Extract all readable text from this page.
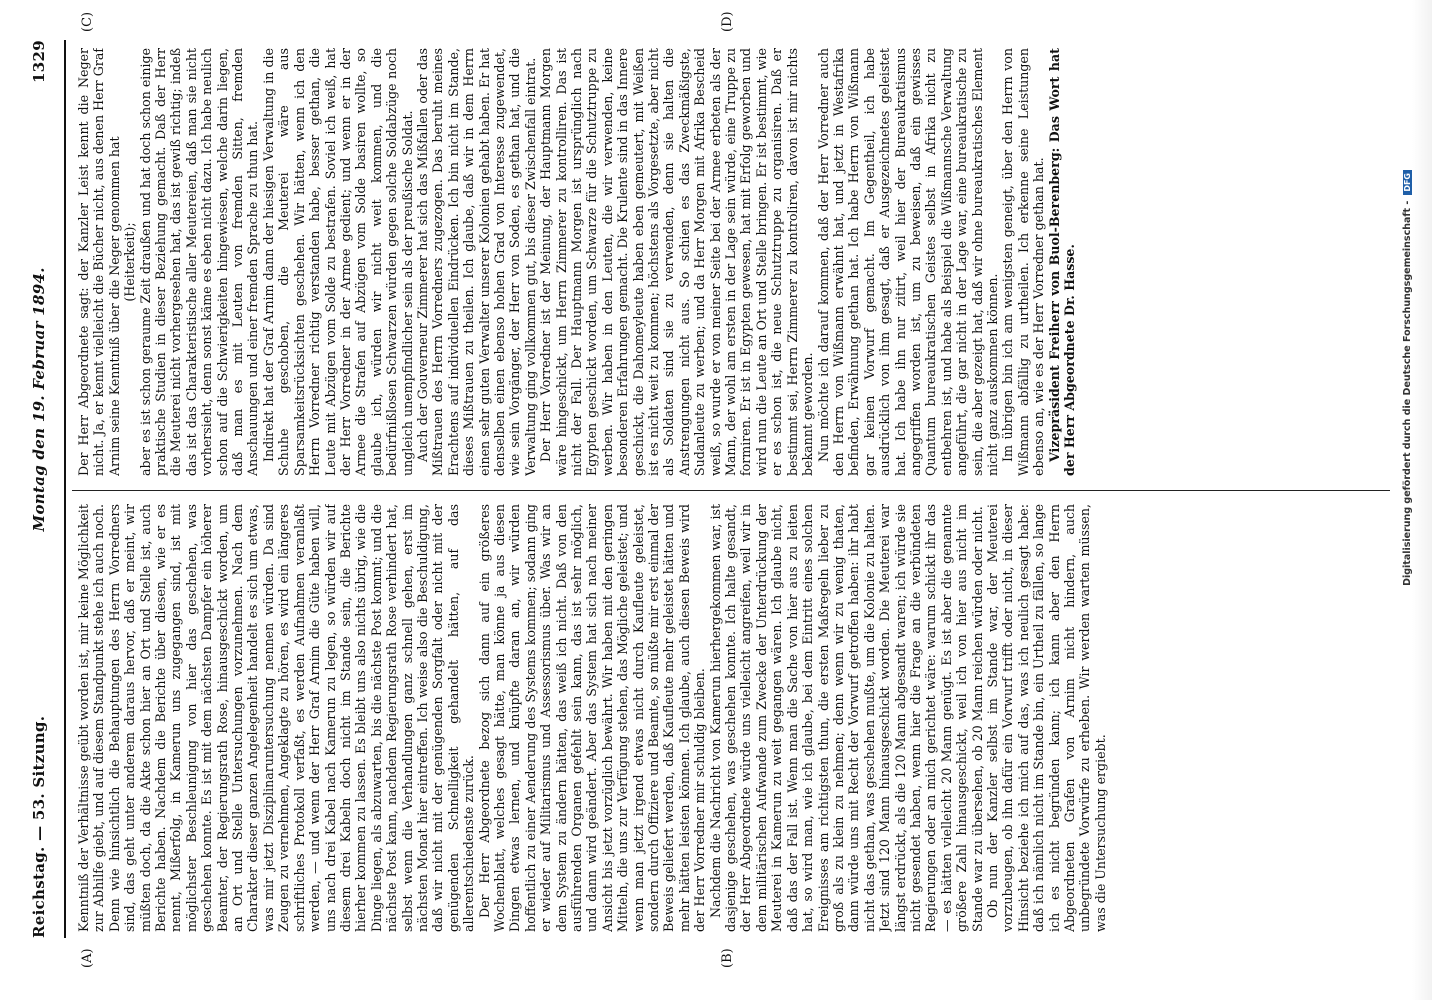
Reichstag. — 53. Sitzung.
Montag den 19. Februar 1894.
1329
(A)	(B)
(C)	(D)

Kenntniß der Verhältnisse geübt worden ist, mir keine Möglichkeit zur Abhilfe giebt, und auf diesem Standpunkt stehe ich auch noch. Denn wie hinsichtlich die Behauptungen des Herrn Vorredners sind, das geht unter anderem daraus hervor, daß er meint, wir müßten doch, da die Akte schon hier an Ort und Stelle ist, auch Berichte haben. Nachdem die Berichte über diesen, wie er es nennt, Mißerfolg, in Kamerun uns zugegangen sind, ist mit möglichster Beschleunigung von hier das geschehen, was geschehen konnte. Es ist mit dem nächsten Dampfer ein höherer Beamter, der Regierungsrath Rose, hinausgeschickt worden, um an Ort und Stelle Untersuchungen vorzunehmen. Nach dem Charakter dieser ganzen Angelegenheit handelt es sich um etwas, was mir jetzt Disziplinaruntersuchung nennen würden. Da sind Zeugen zu vernehmen, Angeklagte zu hören, es wird ein längeres schriftliches Protokoll verfaßt, es werden Aufnahmen veranlaßt werden, — und wenn der Herr Graf Arnim die Güte haben will, uns nach drei Kabel nach Kamerun zu legen, so würden wir auf diesem drei Kabeln doch nicht im Stande sein, die Berichte hierher kommen zu lassen. Es bleibt uns also nichts übrig, wie die Dinge liegen, als abzuwarten, bis die nächste Post kommt; und die nächste Post kann, nachdem Regierungsrath Rose verhindert hat, selbst wenn die Verhandlungen ganz schnell gehen, erst im nächsten Monat hier eintreffen. Ich weise also die Beschuldigung, daß wir nicht mit der genügenden Sorgfalt oder nicht mit der genügenden Schnelligkeit gehandelt hätten, auf das allerentschiedenste zurück. Der Herr Abgeordnete bezog sich dann auf ein größeres Wochenblatt, welches gesagt hätte, man könne ja aus diesen Dingen etwas lernen, und knüpfte daran an, wir würden hoffentlich zu einer Aenderung des Systems kommen; sodann ging er wieder auf Militarismus und Assessorismus über. Was wir an dem System zu ändern hätten, das weiß ich nicht. Daß von den ausführenden Organen gefehlt sein kann, das ist sehr möglich, und dann wird geändert. Aber das System hat sich nach meiner Ansicht bis jetzt vorzüglich bewährt. Wir haben mit den geringen Mitteln, die uns zur Verfügung stehen, das Mögliche geleistet; und wenn man jetzt irgend etwas nicht durch Kaufleute geleistet, sondern durch Offiziere und Beamte, so müßte mir erst einmal der Beweis geliefert werden, daß Kaufleute mehr geleistet hätten und mehr hätten leisten können. Ich glaube, auch diesen Beweis wird der Herr Vorredner mir schuldig bleiben. Nachdem die Nachricht von Kamerun hierhergekommen war, ist dasjenige geschehen, was geschehen konnte. Ich halte gesandt, der Herr Abgeordnete würde uns vielleicht angreifen, weil wir in dem militärischen Aufwande zum Zwecke der Unterdrückung der Meuterei in Kamerun zu weit gegangen wären. Ich glaube nicht, daß das der Fall ist. Wenn man die Sache von hier aus zu leiten hat, so wird man, wie ich glaube, bei dem Eintritt eines solchen Ereignisses am richtigsten thun, die ersten Maßregeln lieber zu groß als zu klein zu nehmen; denn wenn wir zu wenig thaten, dann würde uns mit Recht der Vorwurf getroffen haben: ihr habt nicht das gethan, was geschehen mußte, um die Kolonie zu halten. Jetzt sind 120 Mann hinausgeschickt worden. Die Meuterei war längst erdrückt, als die 120 Mann abgesandt waren; ich würde sie nicht gesendet haben, wenn hier die Frage an die verbündeten Regierungen oder an mich gerichtet wäre: warum schickt ihr das — es hätten vielleicht 20 Mann genügt. Es ist aber die genannte größere Zahl hinausgeschickt, weil ich von hier aus nicht im Stande war zu übersehen, ob 20 Mann reichen würden oder nicht. Ob nun der Kanzler selbst im Stande war, der Meuterei vorzubeugen, ob ihn dafür ein Vorwurf trifft oder nicht, in dieser Hinsicht beziehe ich mich auf das, was ich neulich gesagt habe: daß ich nämlich nicht im Stande bin, ein Urtheil zu fällen, so lange ich es nicht begründen kann; ich kann aber den Herrn Abgeordneten Grafen von Arnim nicht hindern, auch unbegründete Vorwürfe zu erheben. Wir werden warten müssen, was die Untersuchung ergiebt.

Der Herr Abgeordnete sagt: der Kanzler Leist kennt die Neger nicht. Ja, er kennt vielleicht die Bücher nicht, aus denen Herr Graf Arnim seine Kenntniß über die Neger genommen hat (Heiterkeit); aber es ist schon geraume Zeit draußen und hat doch schon einige praktische Studien in dieser Beziehung gemacht. Daß der Herr die Meuterei nicht vorhergesehen hat, das ist gewiß richtig; indeß das ist das Charakteristische aller Meutereien, daß man sie nicht vorhersieht, denn sonst käme es eben nicht dazu. Ich habe neulich schon auf die Schwierigkeiten hingewiesen, welche darin liegen, daß man es mit Leuten von fremden Sitten, fremden Anschauungen und einer fremden Sprache zu thun hat. Indirekt hat der Graf Arnim dann der hiesigen Verwaltung in die Schuhe geschoben, die Meuterei wäre aus Sparsamkeitsrücksichten geschehen. Wir hätten, wenn ich den Herrn Vorredner richtig verstanden habe, besser gethan, die Leute mit Abzügen vom Solde zu bestrafen. Soviel ich weiß, hat der Herr Vorredner in der Armee gedient; und wenn er in der Armee die Strafen auf Abzügen vom Solde basiren wollte, so glaube ich, würden wir nicht weit kommen, und die bedürfnißlosen Schwarzen würden gegen solche Soldabzüge noch ungleich unempfindlicher sein als der preußische Soldat. Auch der Gouverneur Zimmerer hat sich das Mißfallen oder das Mißtrauen des Herrn Vorredners zugezogen. Das beruht meines Erachtens auf individuellen Eindrücken. Ich bin nicht im Stande, dieses Mißtrauen zu theilen. Ich glaube, daß wir in dem Herrn einen sehr guten Verwalter unserer Kolonien gehabt haben. Er hat denselben einen ebenso hohen Grad von Interesse zugewendet, wie sein Vorgänger, der Herr von Soden, es gethan hat, und die Verwaltung ging vollkommen gut, bis dieser Zwischenfall eintrat. Der Herr Vorredner ist der Meinung, der Hauptmann Morgen wäre hingeschickt, um Herrn Zimmerer zu kontrolliren. Das ist nicht der Fall. Der Hauptmann Morgen ist ursprünglich nach Egypten geschickt worden, um Schwarze für die Schutztruppe zu werben. Wir haben in den Leuten, die wir verwenden, keine besonderen Erfahrungen gemacht. Die Krulente sind in das Innere geschickt, die Dahomeyleute haben eben gemeutert, mit Weißen ist es nicht weit zu kommen; höchstens als Vorgesetzte, aber nicht als Soldaten sind sie zu verwenden, denn sie halten die Anstrengungen nicht aus. So schien es das Zweckmäßigste, Sudanleute zu werben; und da Herr Morgen mit Afrika Bescheid weiß, so wurde er von meiner Seite bei der Armee erbeten als der Mann, der wohl am ersten in der Lage sein würde, eine Truppe zu formiren. Er ist in Egypten gewesen, hat mit Erfolg geworben und wird nun die Leute an Ort und Stelle bringen. Er ist bestimmt, wie er es schon ist, die neue Schutztruppe zu organisiren. Daß er bestimmt sei, Herrn Zimmerer zu kontroliren, davon ist mir nichts bekannt geworden. Nun möchte ich darauf kommen, daß der Herr Vorredner auch den Herrn von Wißmann erwähnt hat, und jetzt in Westafrika befinden, Erwähnung gethan hat. Ich habe Herrn von Wißmann gar keinen Vorwurf gemacht. Im Gegentheil, ich habe ausdrücklich von ihm gesagt, daß er Ausgezeichnetes geleistet hat. Ich habe ihn nur zitirt, weil hier der Bureaukratismus angegriffen worden ist, um zu beweisen, daß ein gewisses Quantum bureaukratischen Geistes selbst in Afrika nicht zu entbehren ist, und habe als Beispiel die Wißmannsche Verwaltung angeführt, die gar nicht in der Lage war, eine bureaukratische zu sein, die aber gezeigt hat, daß wir ohne bureaukratisches Element nicht ganz auskommen können. Im übrigen bin ich am wenigsten geneigt, über den Herrn von Wißmann abfällig zu urtheilen. Ich erkenne seine Leistungen ebenso an, wie es der Herr Vorredner gethan hat. Vizepräsident Freiherr von Buol-Berenberg: Das Wort hat der Herr Abgeordnete Dr. Hasse.	Digitalisierung gefördert durch die Deutsche Forschungsgemeinschaft -
DFG
